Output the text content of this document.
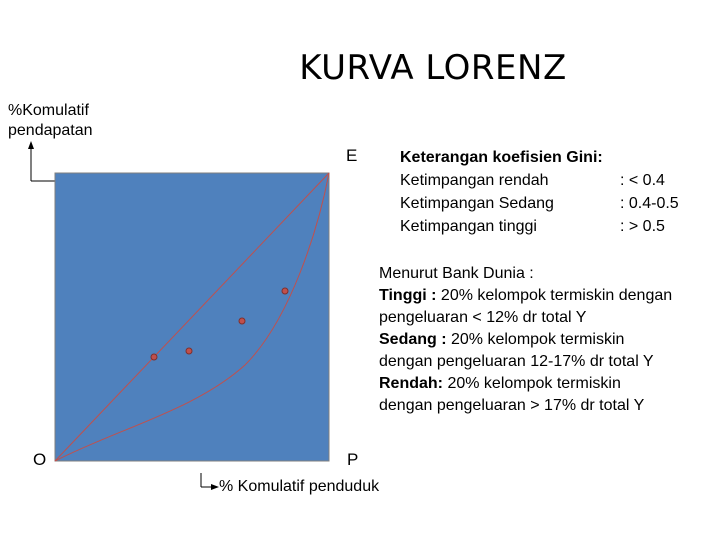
KURVA LORENZ
%Komulatif
pendapatan
O
E
P
% Komulatif penduduk
Keterangan koefisien Gini:
Ketimpangan rendah	: < 0.4
Ketimpangan Sedang	: 0.4-0.5
Ketimpangan tinggi	: > 0.5
Menurut Bank Dunia :
Tinggi : 20% kelompok termiskin dengan
pengeluaran < 12% dr total Y
Sedang : 20% kelompok termiskin
dengan pengeluaran 12-17% dr total Y
Rendah: 20% kelompok termiskin
dengan pengeluaran > 17% dr total Y
